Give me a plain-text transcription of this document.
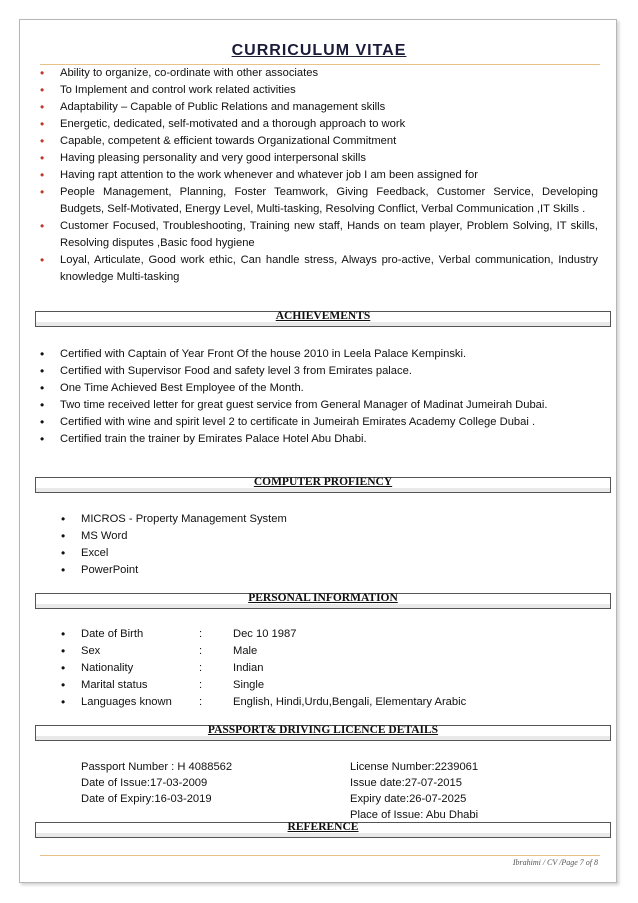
CURRICULUM VITAE
• Ability to organize, co-ordinate with other associates
• To Implement and control work related activities
• Adaptability – Capable of Public Relations and management skills
• Energetic, dedicated, self-motivated and a thorough approach to work
• Capable, competent & efficient towards Organizational Commitment
• Having pleasing personality and very good interpersonal skills
• Having rapt attention to the work whenever and whatever job I am been assigned for
• People Management, Planning, Foster Teamwork, Giving Feedback, Customer Service, Developing Budgets, Self-Motivated, Energy Level, Multi-tasking, Resolving Conflict, Verbal Communication ,IT Skills .
• Customer Focused, Troubleshooting, Training new staff, Hands on team player, Problem Solving, IT skills, Resolving disputes ,Basic food hygiene
• Loyal, Articulate, Good work ethic, Can handle stress, Always pro-active, Verbal communication, Industry knowledge Multi-tasking
ACHIEVEMENTS
• Certified with Captain of Year Front Of the house 2010 in Leela Palace Kempinski.
• Certified with Supervisor Food and safety level 3 from Emirates palace.
• One Time Achieved Best Employee of the Month.
• Two time received letter for great guest service from General Manager of Madinat Jumeirah Dubai.
• Certified with wine and spirit level 2 to certificate in Jumeirah Emirates Academy College Dubai .
• Certified train the trainer by Emirates Palace Hotel Abu Dhabi.
COMPUTER PROFIENCY
• MICROS - Property Management System
• MS Word
• Excel
• PowerPoint
PERSONAL INFORMATION
• Date of Birth	:	Dec 10 1987
• Sex	:	Male
• Nationality	:	Indian
• Marital status	:	Single
• Languages known :	English, Hindi,Urdu,Bengali, Elementary Arabic
PASSPORT& DRIVING LICENCE DETAILS
Passport Number : H 4088562
Date of Issue:17-03-2009
Date of Expiry:16-03-2019
License Number:2239061
Issue date:27-07-2015
Expiry date:26-07-2025
Place of Issue: Abu Dhabi
REFERENCE
Ibrahimi / CV /Page 7 of 8
